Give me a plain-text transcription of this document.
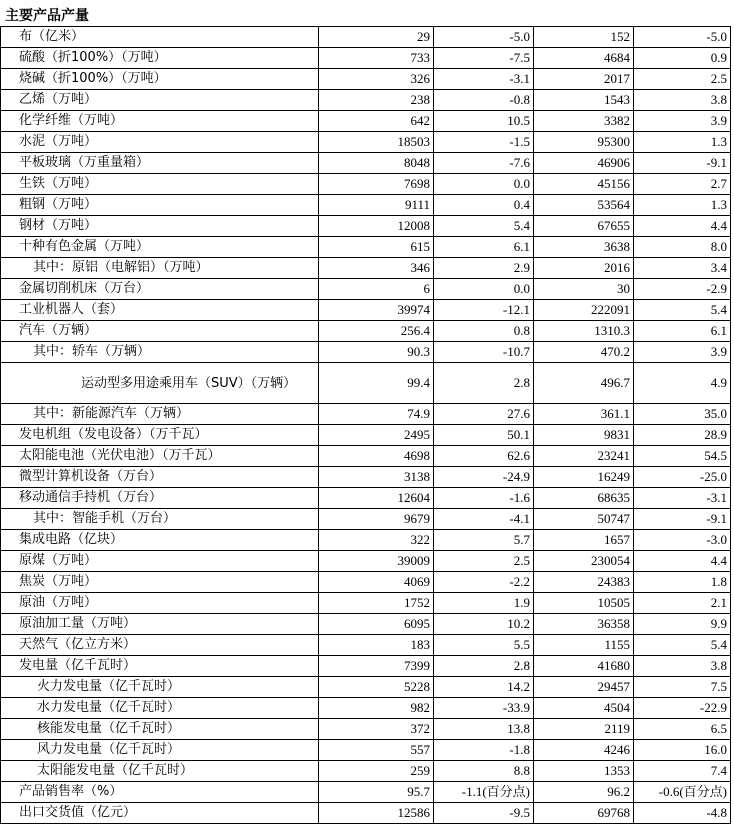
主要产品产量
布（亿米）	29	-5.0	152	-5.0
硫酸（折100%）（万吨）	733	-7.5	4684	0.9
烧碱（折100%）（万吨）	326	-3.1	2017	2.5
乙烯（万吨）	238	-0.8	1543	3.8
化学纤维（万吨）	642	10.5	3382	3.9
水泥（万吨）	18503	-1.5	95300	1.3
平板玻璃（万重量箱）	8048	-7.6	46906	-9.1
生铁（万吨）	7698	0.0	45156	2.7
粗钢（万吨）	9111	0.4	53564	1.3
钢材（万吨）	12008	5.4	67655	4.4
十种有色金属（万吨）	615	6.1	3638	8.0
其中：原铝（电解铝）（万吨）	346	2.9	2016	3.4
金属切削机床（万台）	6	0.0	30	-2.9
工业机器人（套）	39974	-12.1	222091	5.4
汽车（万辆）	256.4	0.8	1310.3	6.1
其中：轿车（万辆）	90.3	-10.7	470.2	3.9
运动型多用途乘用车（SUV）（万辆）	99.4	2.8	496.7	4.9
其中：新能源汽车（万辆）	74.9	27.6	361.1	35.0
发电机组（发电设备）（万千瓦）	2495	50.1	9831	28.9
太阳能电池（光伏电池）（万千瓦）	4698	62.6	23241	54.5
微型计算机设备（万台）	3138	-24.9	16249	-25.0
移动通信手持机（万台）	12604	-1.6	68635	-3.1
其中：智能手机（万台）	9679	-4.1	50747	-9.1
集成电路（亿块）	322	5.7	1657	-3.0
原煤（万吨）	39009	2.5	230054	4.4
焦炭（万吨）	4069	-2.2	24383	1.8
原油（万吨）	1752	1.9	10505	2.1
原油加工量（万吨）	6095	10.2	36358	9.9
天然气（亿立方米）	183	5.5	1155	5.4
发电量（亿千瓦时）	7399	2.8	41680	3.8
火力发电量（亿千瓦时）	5228	14.2	29457	7.5
水力发电量（亿千瓦时）	982	-33.9	4504	-22.9
核能发电量（亿千瓦时）	372	13.8	2119	6.5
风力发电量（亿千瓦时）	557	-1.8	4246	16.0
太阳能发电量（亿千瓦时）	259	8.8	1353	7.4
产品销售率（%）	95.7	-1.1(百分点)	96.2	-0.6(百分点)
出口交货值（亿元）	12586	-9.5	69768	-4.8
